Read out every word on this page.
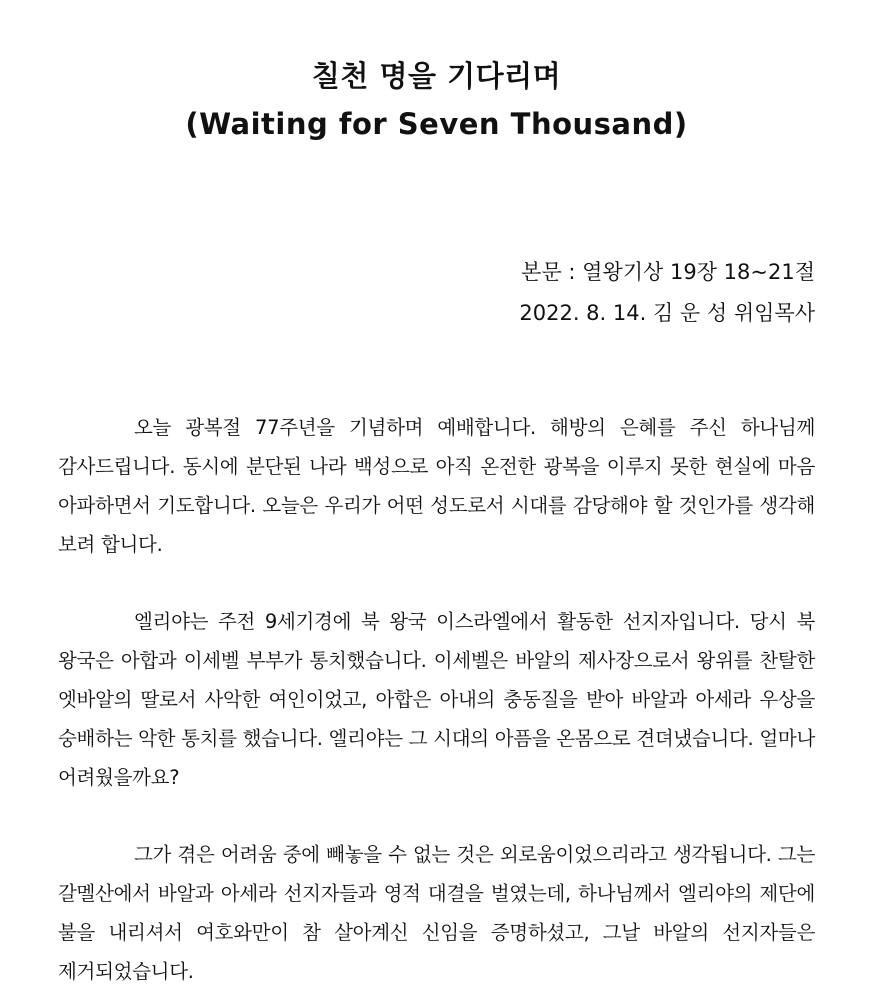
칠천 명을 기다리며
(Waiting for Seven Thousand)
본문 : 열왕기상 19장 18~21절
2022. 8. 14. 김 운 성 위임목사

오늘 광복절 77주년을 기념하며 예배합니다. 해방의 은혜를 주신 하나님께 감사드립니다. 동시에 분단된 나라 백성으로 아직 온전한 광복을 이루지 못한 현실에 마음 아파하면서 기도합니다. 오늘은 우리가 어떤 성도로서 시대를 감당해야 할 것인가를 생각해 보려 합니다.

엘리야는 주전 9세기경에 북 왕국 이스라엘에서 활동한 선지자입니다. 당시 북 왕국은 아합과 이세벨 부부가 통치했습니다. 이세벨은 바알의 제사장으로서 왕위를 찬탈한 엣바알의 딸로서 사악한 여인이었고, 아합은 아내의 충동질을 받아 바알과 아세라 우상을 숭배하는 악한 통치를 했습니다. 엘리야는 그 시대의 아픔을 온몸으로 견뎌냈습니다. 얼마나 어려웠을까요?

그가 겪은 어려움 중에 빼놓을 수 없는 것은 외로움이었으리라고 생각됩니다. 그는 갈멜산에서 바알과 아세라 선지자들과 영적 대결을 벌였는데, 하나님께서 엘리야의 제단에 불을 내리셔서 여호와만이 참 살아계신 신임을 증명하셨고, 그날 바알의 선지자들은 제거되었습니다.
